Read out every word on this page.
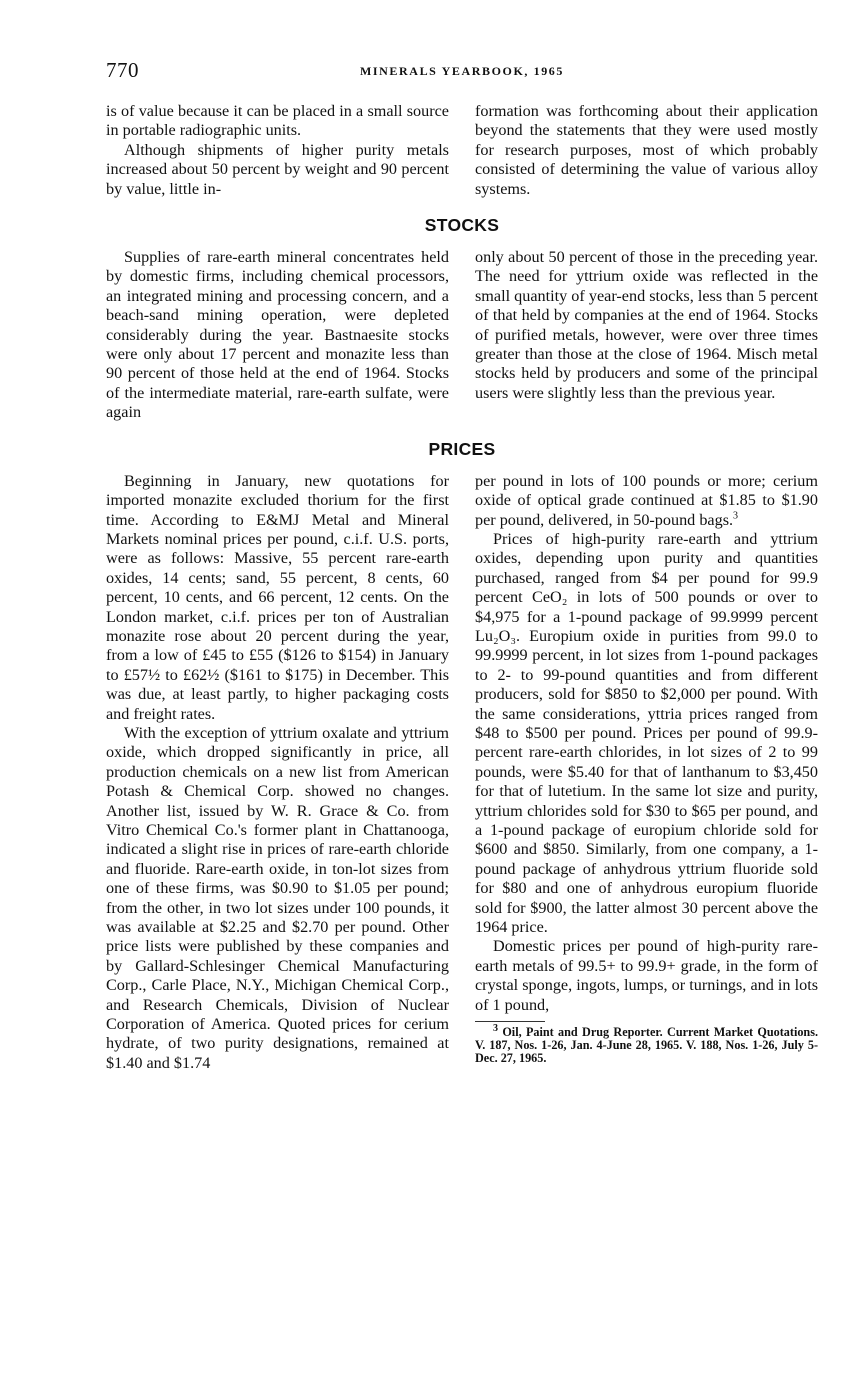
770	MINERALS YEARBOOK, 1965

is of value because it can be placed in a small source in portable radiographic units.

Although shipments of higher purity metals increased about 50 percent by weight and 90 percent by value, little in-

formation was forthcoming about their application beyond the statements that they were used mostly for research purposes, most of which probably consisted of determining the value of various alloy systems.

STOCKS

Supplies of rare-earth mineral concentrates held by domestic firms, including chemical processors, an integrated mining and processing concern, and a beach-sand mining operation, were depleted considerably during the year. Bastnaesite stocks were only about 17 percent and monazite less than 90 percent of those held at the end of 1964. Stocks of the intermediate material, rare-earth sulfate, were again

only about 50 percent of those in the preceding year. The need for yttrium oxide was reflected in the small quantity of year-end stocks, less than 5 percent of that held by companies at the end of 1964. Stocks of purified metals, however, were over three times greater than those at the close of 1964. Misch metal stocks held by producers and some of the principal users were slightly less than the previous year.

PRICES

Beginning in January, new quotations for imported monazite excluded thorium for the first time. According to E&MJ Metal and Mineral Markets nominal prices per pound, c.i.f. U.S. ports, were as follows: Massive, 55 percent rare-earth oxides, 14 cents; sand, 55 percent, 8 cents, 60 percent, 10 cents, and 66 percent, 12 cents. On the London market, c.i.f. prices per ton of Australian monazite rose about 20 percent during the year, from a low of £45 to £55 ($126 to $154) in January to £57½ to £62½ ($161 to $175) in December. This was due, at least partly, to higher packaging costs and freight rates.

With the exception of yttrium oxalate and yttrium oxide, which dropped significantly in price, all production chemicals on a new list from American Potash & Chemical Corp. showed no changes. Another list, issued by W. R. Grace & Co. from Vitro Chemical Co.'s former plant in Chattanooga, indicated a slight rise in prices of rare-earth chloride and fluoride. Rare-earth oxide, in ton-lot sizes from one of these firms, was $0.90 to $1.05 per pound; from the other, in two lot sizes under 100 pounds, it was available at $2.25 and $2.70 per pound. Other price lists were published by these companies and by Gallard-Schlesinger Chemical Manufacturing Corp., Carle Place, N.Y., Michigan Chemical Corp., and Research Chemicals, Division of Nuclear Corporation of America. Quoted prices for cerium hydrate, of two purity designations, remained at $1.40 and $1.74

per pound in lots of 100 pounds or more; cerium oxide of optical grade continued at $1.85 to $1.90 per pound, delivered, in 50-pound bags.$^3$

Prices of high-purity rare-earth and yttrium oxides, depending upon purity and quantities purchased, ranged from $4 per pound for 99.9 percent CeO₂ in lots of 500 pounds or over to $4,975 for a 1-pound package of 99.9999 percent Lu₂O₃. Europium oxide in purities from 99.0 to 99.9999 percent, in lot sizes from 1-pound packages to 2- to 99-pound quantities and from different producers, sold for $850 to $2,000 per pound. With the same considerations, yttria prices ranged from $48 to $500 per pound. Prices per pound of 99.9-percent rare-earth chlorides, in lot sizes of 2 to 99 pounds, were $5.40 for that of lanthanum to $3,450 for that of lutetium. In the same lot size and purity, yttrium chlorides sold for $30 to $65 per pound, and a 1-pound package of europium chloride sold for $600 and $850. Similarly, from one company, a 1-pound package of anhydrous yttrium fluoride sold for $80 and one of anhydrous europium fluoride sold for $900, the latter almost 30 percent above the 1964 price.

Domestic prices per pound of high-purity rare-earth metals of 99.5+ to 99.9+ grade, in the form of crystal sponge, ingots, lumps, or turnings, and in lots of 1 pound,

$^3$ Oil, Paint and Drug Reporter. Current Market Quotations. V. 187, Nos. 1-26, Jan. 4-June 28, 1965. V. 188, Nos. 1-26, July 5-Dec. 27, 1965.
